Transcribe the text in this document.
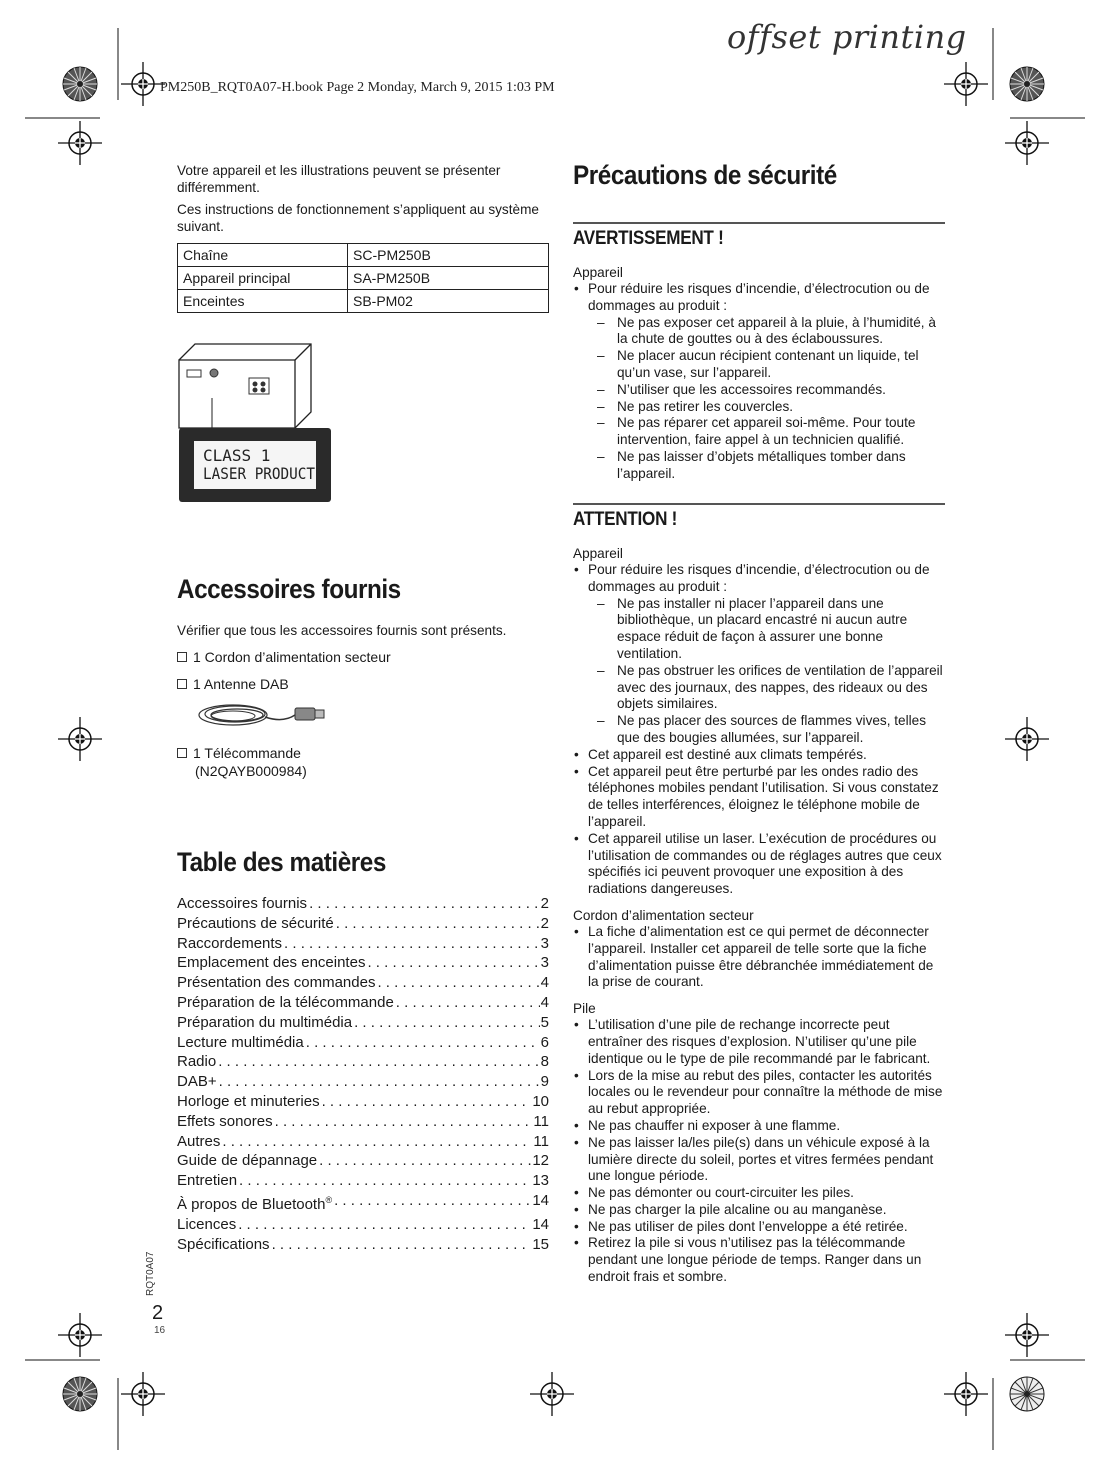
offset printing
PM250B_RQT0A07-H.book Page 2 Monday, March 9, 2015 1:03 PM

Votre appareil et les illustrations peuvent se présenter différemment.

Ces instructions de fonctionnement s’appliquent au système suivant.

Chaîne	SC-PM250B
Appareil principal	SA-PM250B
Enceintes	SB-PM02
CLASS 1
LASER PRODUCT
Accessoires fournis
Vérifier que tous les accessoires fournis sont présents.
1 Cordon d’alimentation secteur
1 Antenne DAB
1 Télécommande
(N2QAYB000984)
Table des matières
Accessoires fournis . . .	2
Précautions de sécurité . . .	2
Raccordements . . .	3
Emplacement des enceintes . . .	3
Présentation des commandes . . .	4
Préparation de la télécommande . . .	4
Préparation du multimédia . . .	5
Lecture multimédia . . .	6
Radio . . .	8
DAB+ . . .	9
Horloge et minuteries . . .	10
Effets sonores . . .	11
Autres . . .	11
Guide de dépannage . . .	12
Entretien . . .	13
À propos de Bluetooth® . . .	14
Licences . . .	14
Spécifications . . .	15
Précautions de sécurité
AVERTISSEMENT !
Appareil
• Pour réduire les risques d’incendie, d’électrocution ou de dommages au produit :
– Ne pas exposer cet appareil à la pluie, à l’humidité, à la chute de gouttes ou à des éclaboussures.
– Ne placer aucun récipient contenant un liquide, tel qu’un vase, sur l’appareil.
– N’utiliser que les accessoires recommandés.
– Ne pas retirer les couvercles.
– Ne pas réparer cet appareil soi-même. Pour toute intervention, faire appel à un technicien qualifié.
– Ne pas laisser d’objets métalliques tomber dans l’appareil.
ATTENTION !
Appareil
• Pour réduire les risques d’incendie, d’électrocution ou de dommages au produit :
– Ne pas installer ni placer l’appareil dans une bibliothèque, un placard encastré ni aucun autre espace réduit de façon à assurer une bonne ventilation.
– Ne pas obstruer les orifices de ventilation de l’appareil avec des journaux, des nappes, des rideaux ou des objets similaires.
– Ne pas placer des sources de flammes vives, telles que des bougies allumées, sur l’appareil.
• Cet appareil est destiné aux climats tempérés.
• Cet appareil peut être perturbé par les ondes radio des téléphones mobiles pendant l’utilisation. Si vous constatez de telles interférences, éloignez le téléphone mobile de l’appareil.
• Cet appareil utilise un laser. L’exécution de procédures ou l’utilisation de commandes ou de réglages autres que ceux spécifiés ici peuvent provoquer une exposition à des radiations dangereuses.
Cordon d’alimentation secteur
• La fiche d’alimentation est ce qui permet de déconnecter l’appareil. Installer cet appareil de telle sorte que la fiche d’alimentation puisse être débranchée immédiatement de la prise de courant.
Pile
• L’utilisation d’une pile de rechange incorrecte peut entraîner des risques d’explosion. N’utiliser qu’une pile identique ou le type de pile recommandé par le fabricant.
• Lors de la mise au rebut des piles, contacter les autorités locales ou le revendeur pour connaître la méthode de mise au rebut appropriée.
• Ne pas chauffer ni exposer à une flamme.
• Ne pas laisser la/les pile(s) dans un véhicule exposé à la lumière directe du soleil, portes et vitres fermées pendant une longue période.
• Ne pas démonter ou court-circuiter les piles.
• Ne pas charger la pile alcaline ou au manganèse.
• Ne pas utiliser de piles dont l’enveloppe a été retirée.
• Retirez la pile si vous n’utilisez pas la télécommande pendant une longue période de temps. Ranger dans un endroit frais et sombre.
RQT0A07
2
16
